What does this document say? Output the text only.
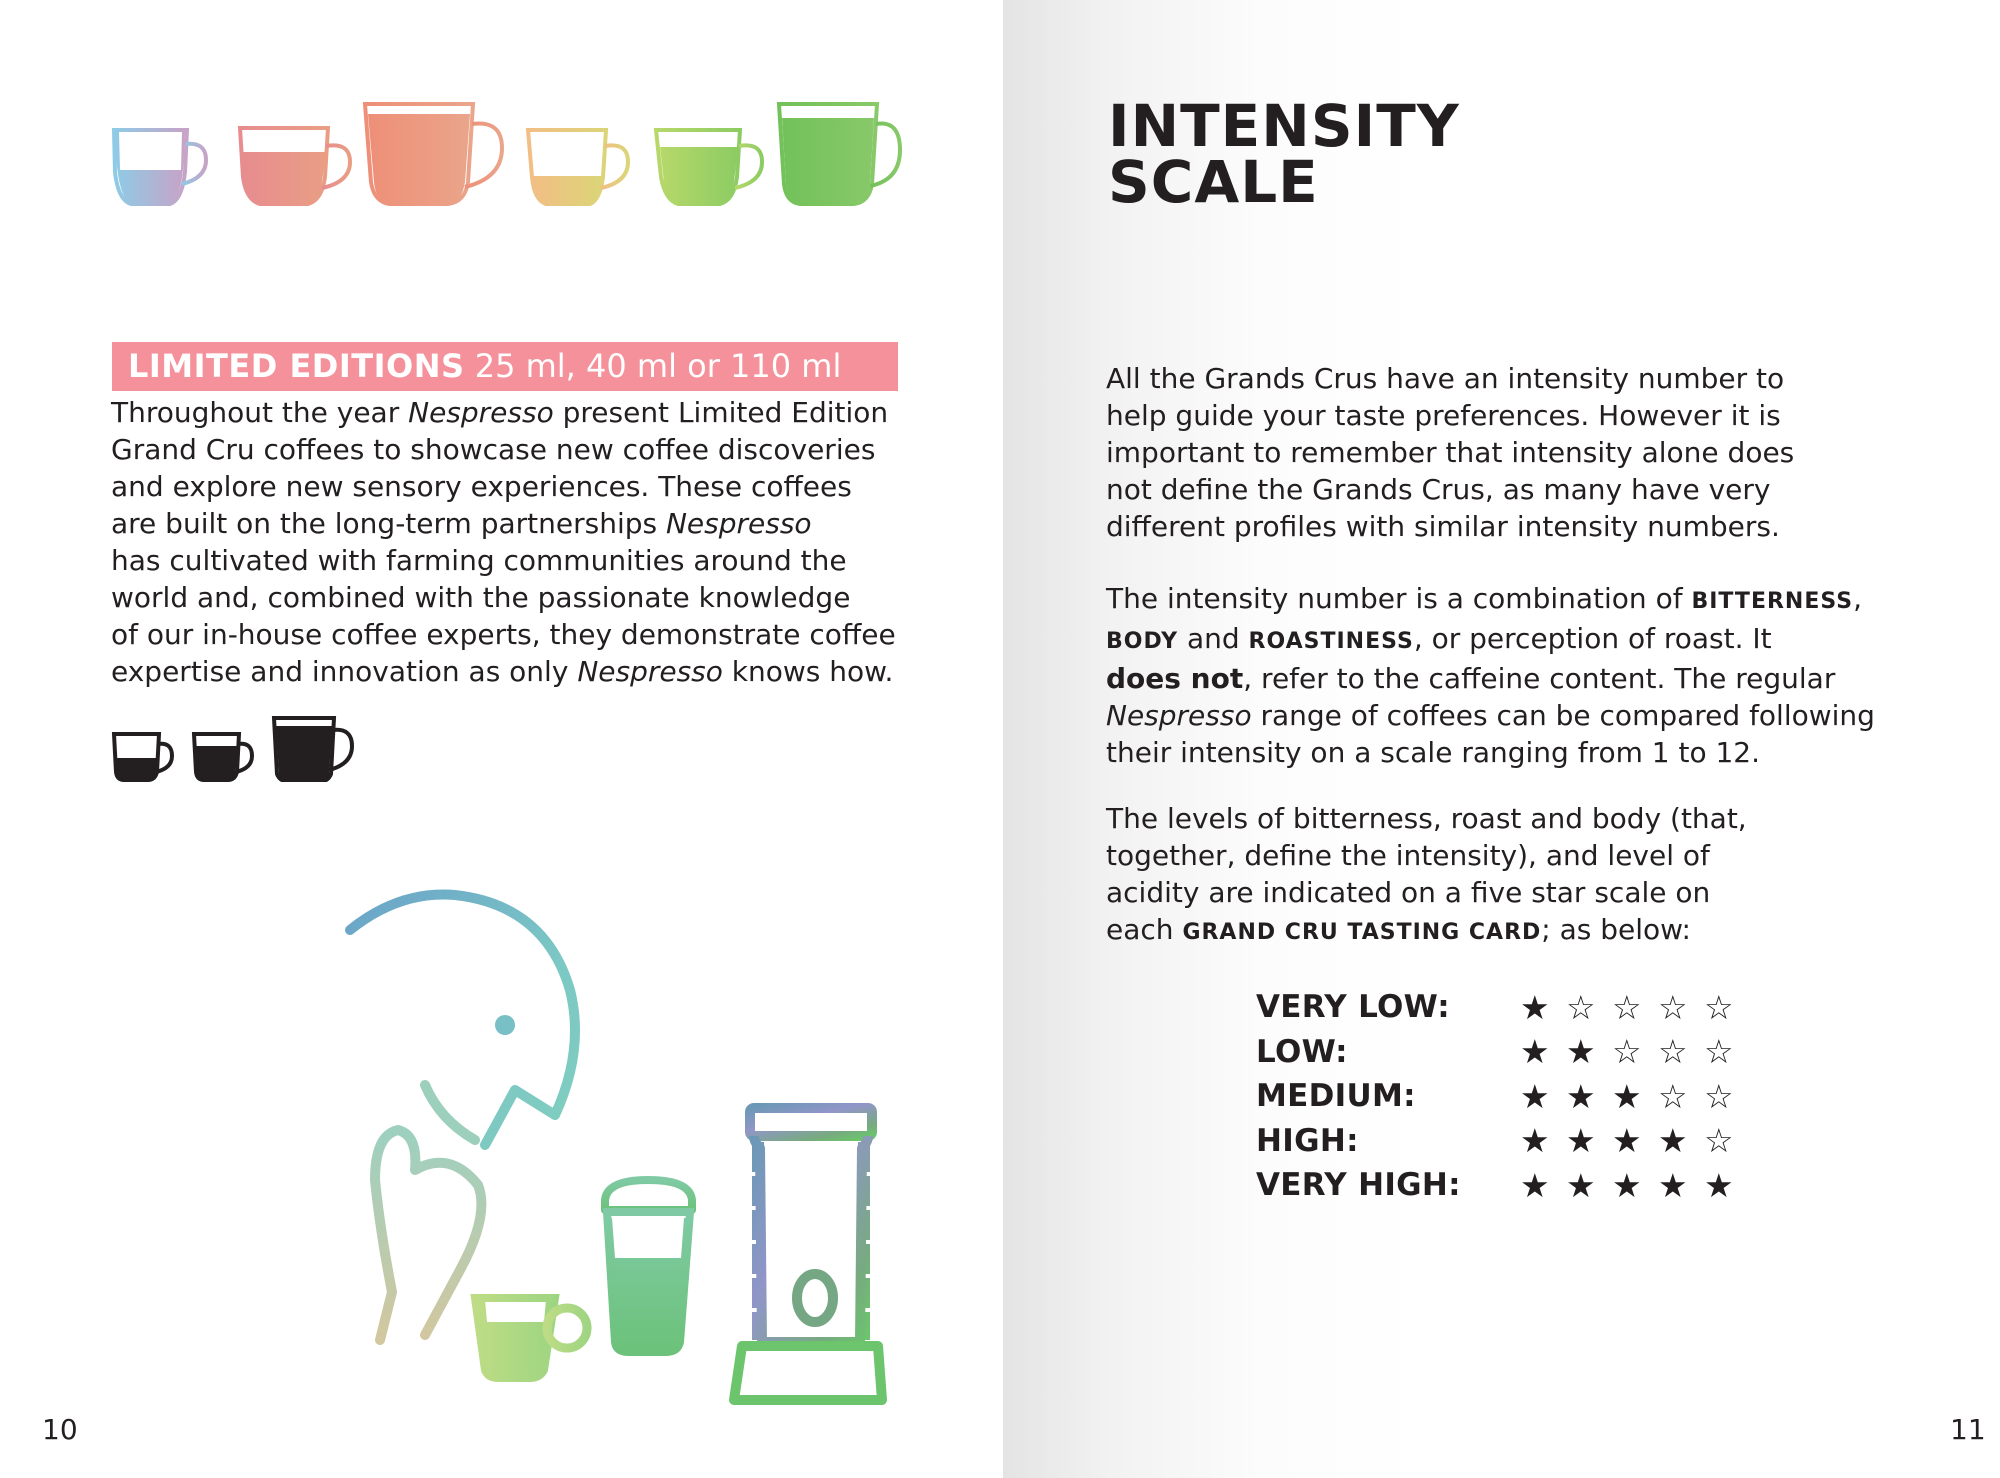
LIMITED EDITIONS 25 ml, 40 ml or 110 ml
Throughout the year Nespresso present Limited Edition
Grand Cru coffees to showcase new coffee discoveries
and explore new sensory experiences. These coffees
are built on the long-term partnerships Nespresso
has cultivated with farming communities around the
world and, combined with the passionate knowledge
of our in-house coffee experts, they demonstrate coffee
expertise and innovation as only Nespresso knows how.
10
INTENSITY
SCALE
All the Grands Crus have an intensity number to
help guide your taste preferences. However it is
important to remember that intensity alone does
not define the Grands Crus, as many have very
different profiles with similar intensity numbers.
The intensity number is a combination of BITTERNESS,
BODY and ROASTINESS, or perception of roast. It
does not, refer to the caffeine content. The regular
Nespresso range of coffees can be compared following
their intensity on a scale ranging from 1 to 12.
The levels of bitterness, roast and body (that,
together, define the intensity), and level of
acidity are indicated on a five star scale on
each GRAND CRU TASTING CARD; as below:
VERY LOW:	★ ☆ ☆ ☆ ☆
LOW:	★ ★ ☆ ☆ ☆
MEDIUM:	★ ★ ★ ☆ ☆
HIGH:	★ ★ ★ ★ ☆
VERY HIGH:	★ ★ ★ ★ ★
11
